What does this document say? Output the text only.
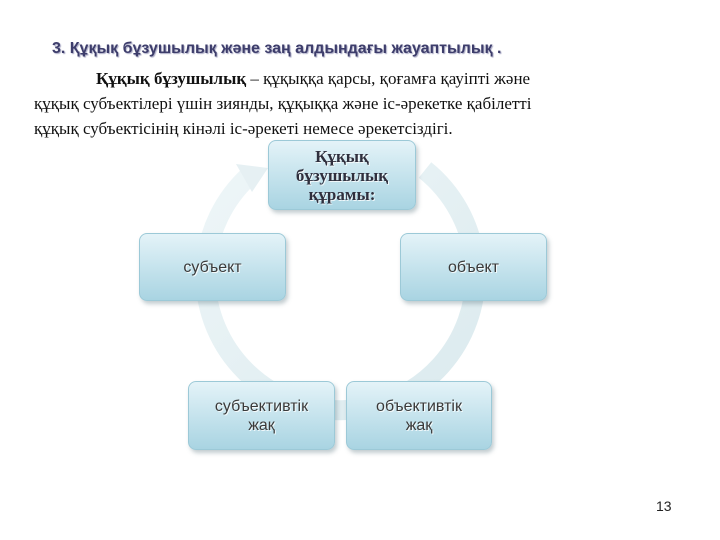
3. Құқық бұзушылық және заң алдындағы жауаптылық .
Құқық бұзушылық – құқыққа қарсы, қоғамға қауіпті және
құқық субъектілері үшін зиянды, құқыққа және іс-әрекетке қабілетті
құқық субъектісінің кінәлі іс-әрекеті немесе әрекетсіздігі.
Құқық
бұзушылық
құрамы:
объект
объективтік
жақ
субъективтік
жақ
субъект
13
